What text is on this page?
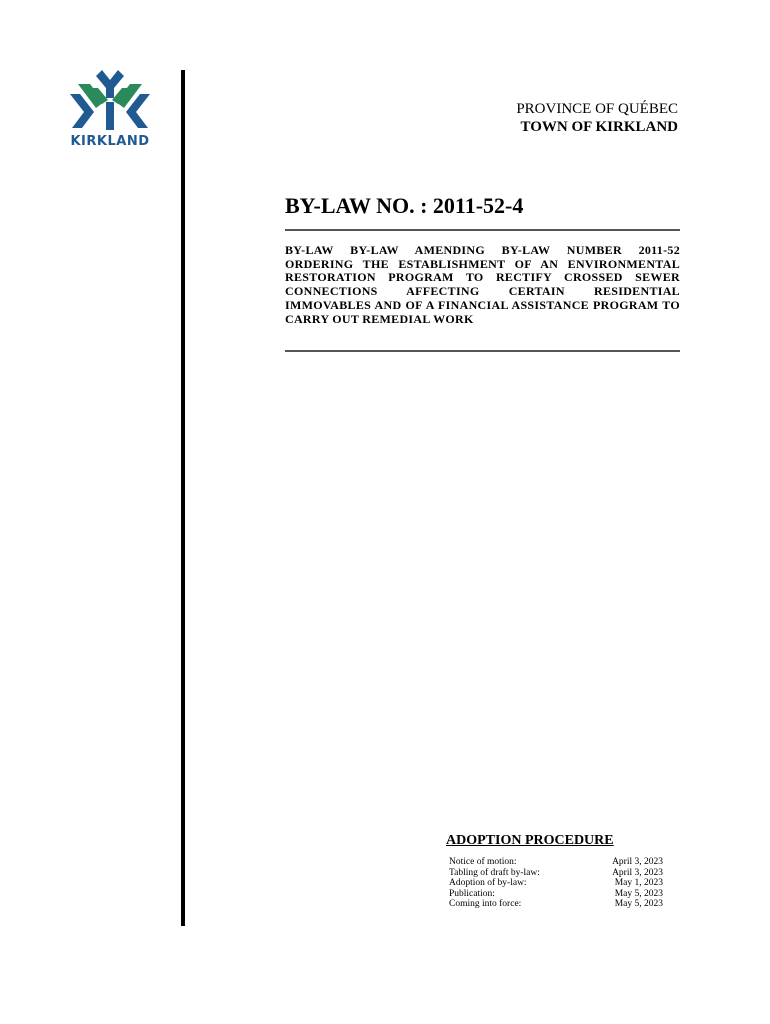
KIRKLAND
PROVINCE OF QUÉBEC
TOWN OF KIRKLAND
BY-LAW NO. : 2011-52-4
BY-LAW BY-LAW AMENDING BY-LAW NUMBER 2011-52 ORDERING THE ESTABLISHMENT OF AN ENVIRONMENTAL RESTORATION PROGRAM TO RECTIFY CROSSED SEWER CONNECTIONS AFFECTING CERTAIN RESIDENTIAL IMMOVABLES AND OF A FINANCIAL ASSISTANCE PROGRAM TO CARRY OUT REMEDIAL WORK
ADOPTION PROCEDURE
Notice of motion:	April 3, 2023
Tabling of draft by-law:	April 3, 2023
Adoption of by-law:	May 1, 2023
Publication:	May 5, 2023
Coming into force:	May 5, 2023
